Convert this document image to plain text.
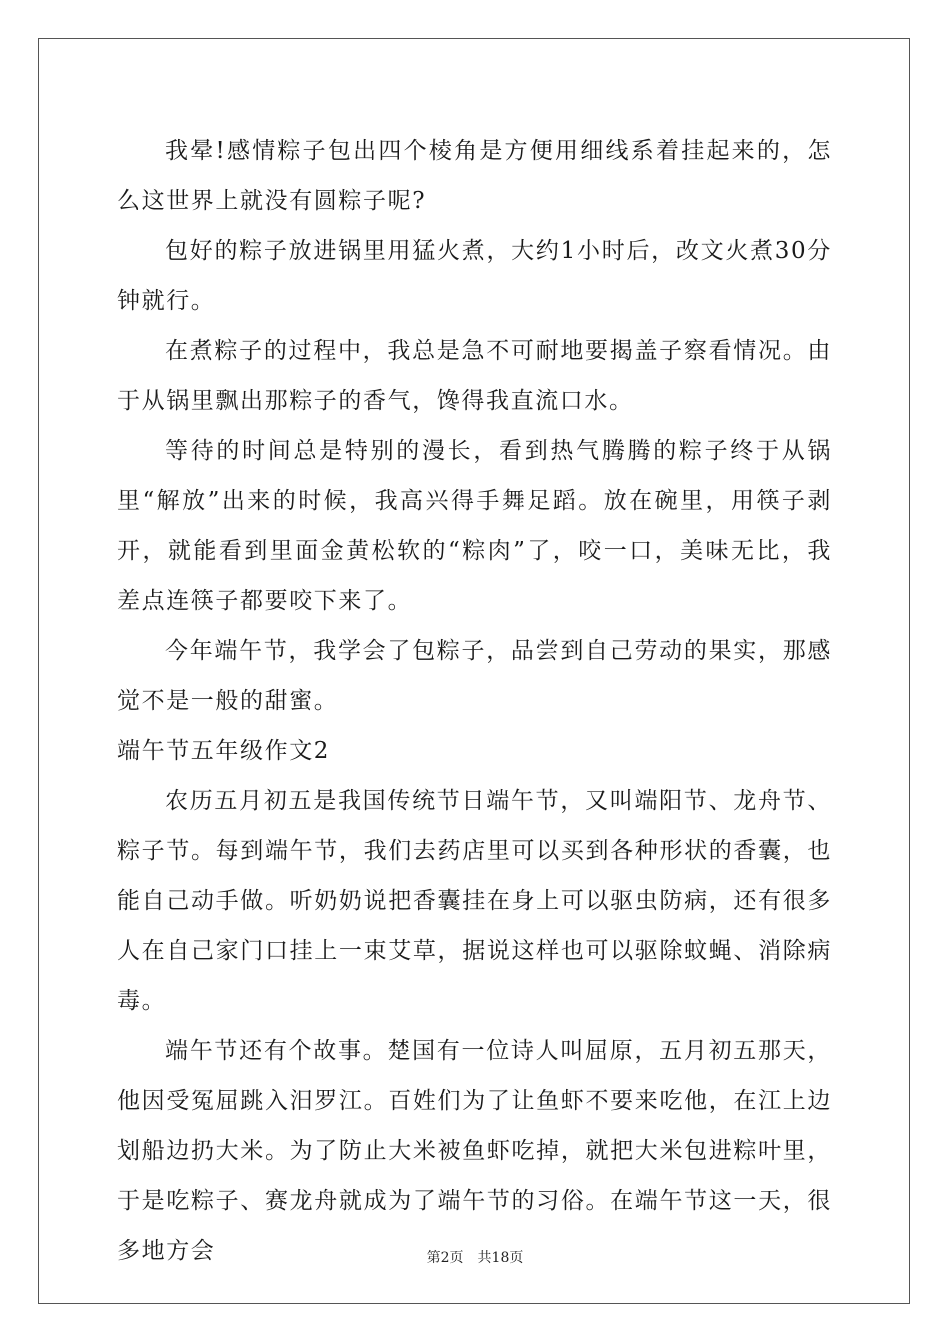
我晕!感情粽子包出四个棱角是方便用细线系着挂起来的，怎么这世界上就没有圆粽子呢?

包好的粽子放进锅里用猛火煮，大约1小时后，改文火煮30分钟就行。

在煮粽子的过程中，我总是急不可耐地要揭盖子察看情况。由于从锅里飘出那粽子的香气，馋得我直流口水。

等待的时间总是特别的漫长，看到热气腾腾的粽子终于从锅里“解放”出来的时候，我高兴得手舞足蹈。放在碗里，用筷子剥开，就能看到里面金黄松软的“粽肉”了，咬一口，美味无比，我差点连筷子都要咬下来了。

今年端午节，我学会了包粽子，品尝到自己劳动的果实，那感觉不是一般的甜蜜。

端午节五年级作文2

农历五月初五是我国传统节日端午节，又叫端阳节、龙舟节、粽子节。每到端午节，我们去药店里可以买到各种形状的香囊，也能自己动手做。听奶奶说把香囊挂在身上可以驱虫防病，还有很多人在自己家门口挂上一束艾草，据说这样也可以驱除蚊蝇、消除病毒。

端午节还有个故事。楚国有一位诗人叫屈原，五月初五那天，他因受冤屈跳入汨罗江。百姓们为了让鱼虾不要来吃他，在江上边划船边扔大米。为了防止大米被鱼虾吃掉，就把大米包进粽叶里，于是吃粽子、赛龙舟就成为了端午节的习俗。在端午节这一天，很多地方会	第2页 共18页
